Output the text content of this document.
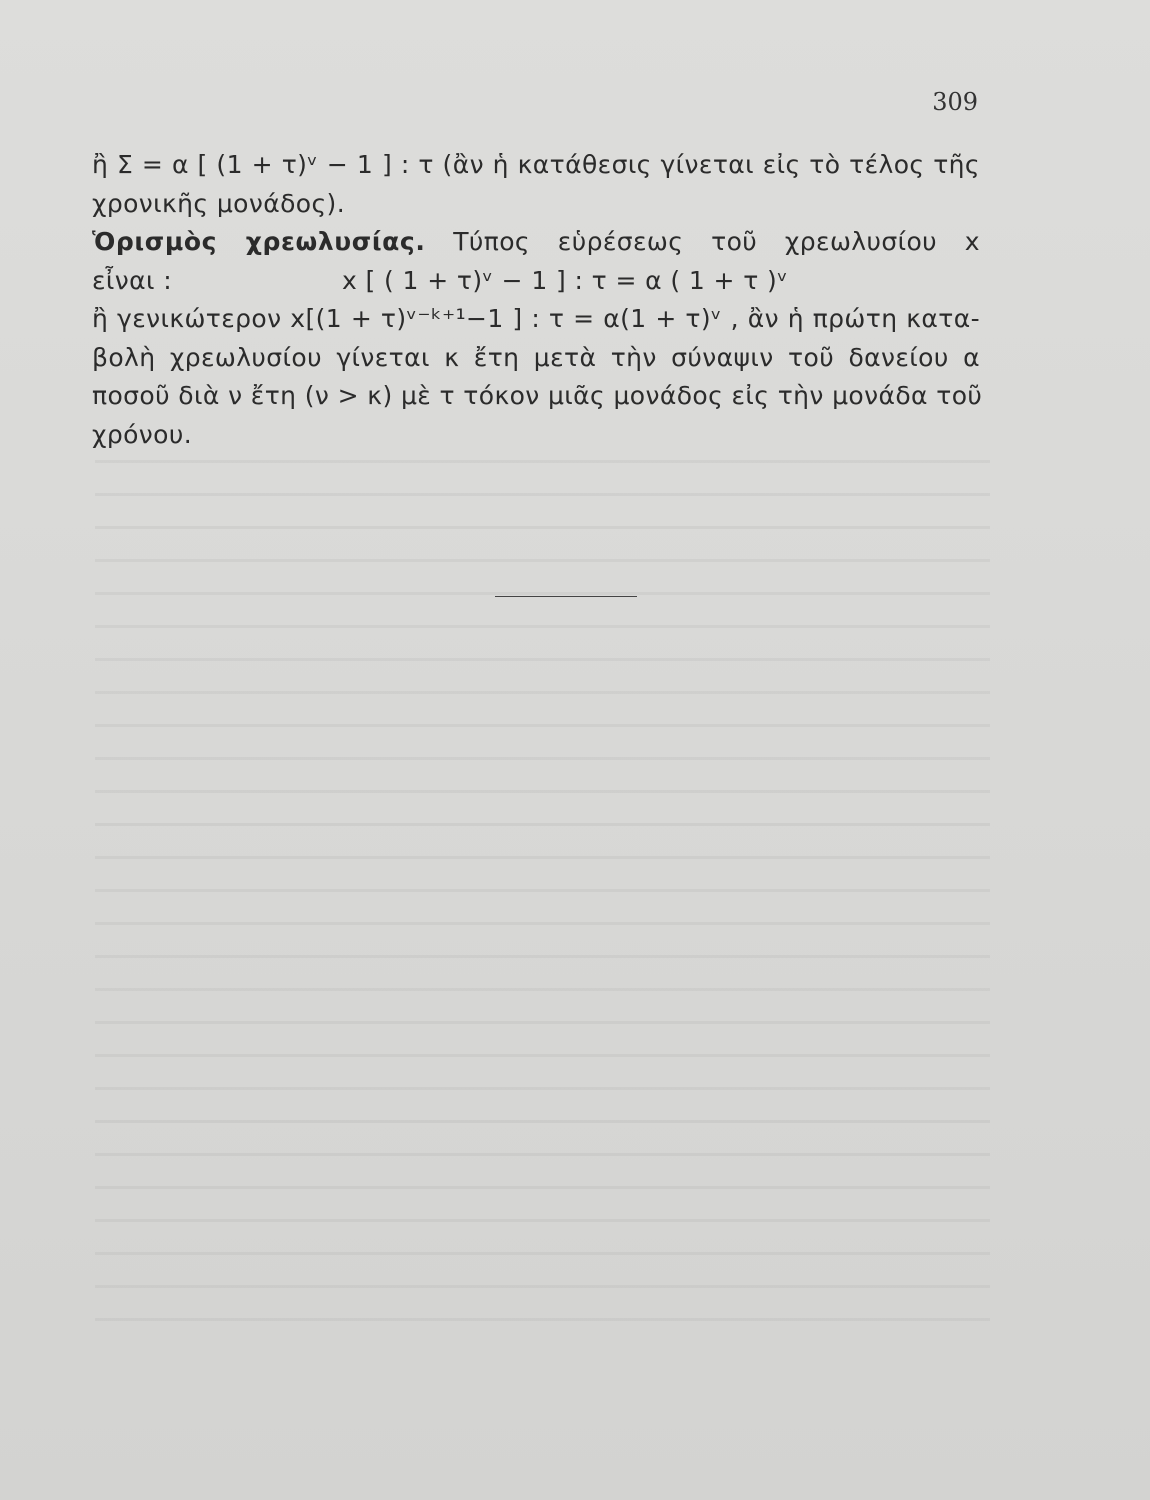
309
ἢ Σ = α [ (1 + τ)ᵛ − 1 ] : τ (ἂν ἡ κατάθεσις γίνεται εἰς τὸ τέλος τῆς
χρονικῆς μονάδος).
Ὁρισμὸς χρεωλυσίας. Τύπος εὑρέσεως τοῦ χρεωλυσίου x
εἶναι :	x [ ( 1 + τ)ᵛ − 1 ] : τ = α ( 1 + τ )ᵛ
ἢ γενικώτερον x[(1 + τ)ᵛ⁻ᵏ⁺¹−1 ] : τ = α(1 + τ)ᵛ , ἂν ἡ πρώτη κατα-
βολὴ χρεωλυσίου γίνεται κ ἔτη μετὰ τὴν σύναψιν τοῦ δανείου α
ποσοῦ διὰ ν ἔτη (ν > κ) μὲ τ τόκον μιᾶς μονάδος εἰς τὴν μονάδα τοῦ
χρόνου.
